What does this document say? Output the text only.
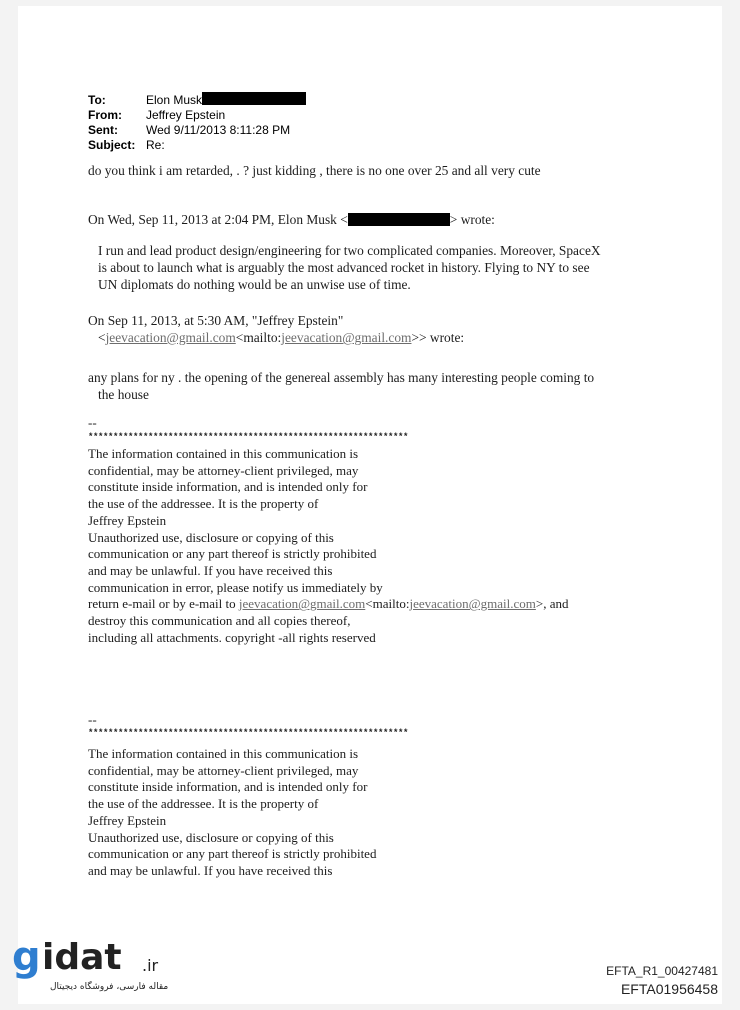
To:	Elon Musk
From: Jeffrey Epstein
Sent: Wed 9/11/2013 8:11:28 PM
Subject: Re:
do you think i am retarded, . ? just kidding , there is no one over 25 and all very cute
On Wed, Sep 11, 2013 at 2:04 PM, Elon Musk <	> wrote:
I run and lead product design/engineering for two complicated companies. Moreover, SpaceX
is about to launch what is arguably the most advanced rocket in history. Flying to NY to see
UN diplomats do nothing would be an unwise use of time.
On Sep 11, 2013, at 5:30 AM, "Jeffrey Epstein"
<jeevacation@gmail.com<mailto:jeevacation@gmail.com>> wrote:
any plans for ny . the opening of the genereal assembly has many interesting people coming to
the house
--
****************************************************************
The information contained in this communication is
confidential, may be attorney-client privileged, may
constitute inside information, and is intended only for
the use of the addressee. It is the property of
Jeffrey Epstein
Unauthorized use, disclosure or copying of this
communication or any part thereof is strictly prohibited
and may be unlawful. If you have received this
communication in error, please notify us immediately by
return e-mail or by e-mail to jeevacation@gmail.com<mailto:jeevacation@gmail.com>, and
destroy this communication and all copies thereof,
including all attachments. copyright -all rights reserved
--
****************************************************************
The information contained in this communication is
confidential, may be attorney-client privileged, may
constitute inside information, and is intended only for
the use of the addressee. It is the property of
Jeffrey Epstein
Unauthorized use, disclosure or copying of this
communication or any part thereof is strictly prohibited
and may be unlawful. If you have received this
EFTA_R1_00427481
EFTA01956458
g idat .ir
مقاله فارسی، فروشگاه دیجیتال
